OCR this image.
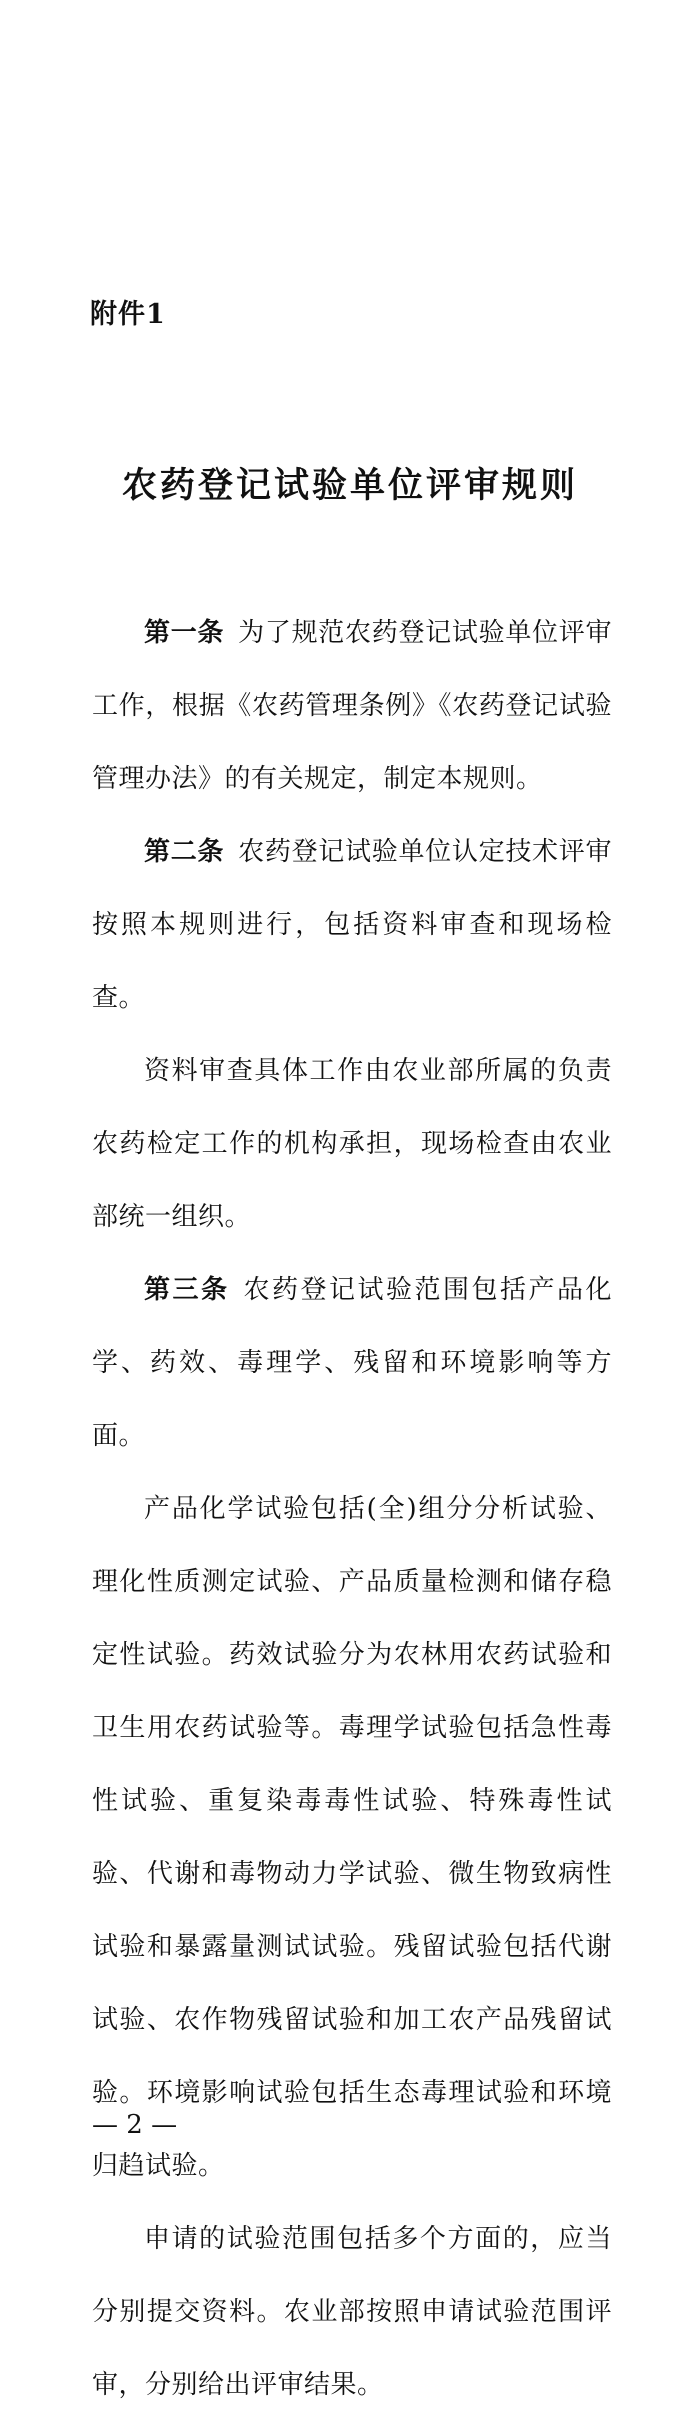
附件1

农药登记试验单位评审规则

第一条 为了规范农药登记试验单位评审工作，根据《农药管理条例》《农药登记试验管理办法》的有关规定，制定本规则。

第二条 农药登记试验单位认定技术评审按照本规则进行，包括资料审查和现场检查。

资料审查具体工作由农业部所属的负责农药检定工作的机构承担，现场检查由农业部统一组织。

第三条 农药登记试验范围包括产品化学、药效、毒理学、残留和环境影响等方面。

产品化学试验包括(全)组分分析试验、理化性质测定试验、产品质量检测和储存稳定性试验。药效试验分为农林用农药试验和卫生用农药试验等。毒理学试验包括急性毒性试验、重复染毒毒性试验、特殊毒性试验、代谢和毒物动力学试验、微生物致病性试验和暴露量测试试验。残留试验包括代谢试验、农作物残留试验和加工农产品残留试验。环境影响试验包括生态毒理试验和环境归趋试验。

申请的试验范围包括多个方面的，应当分别提交资料。农业部按照申请试验范围评审，分别给出评审结果。

— 2 —
